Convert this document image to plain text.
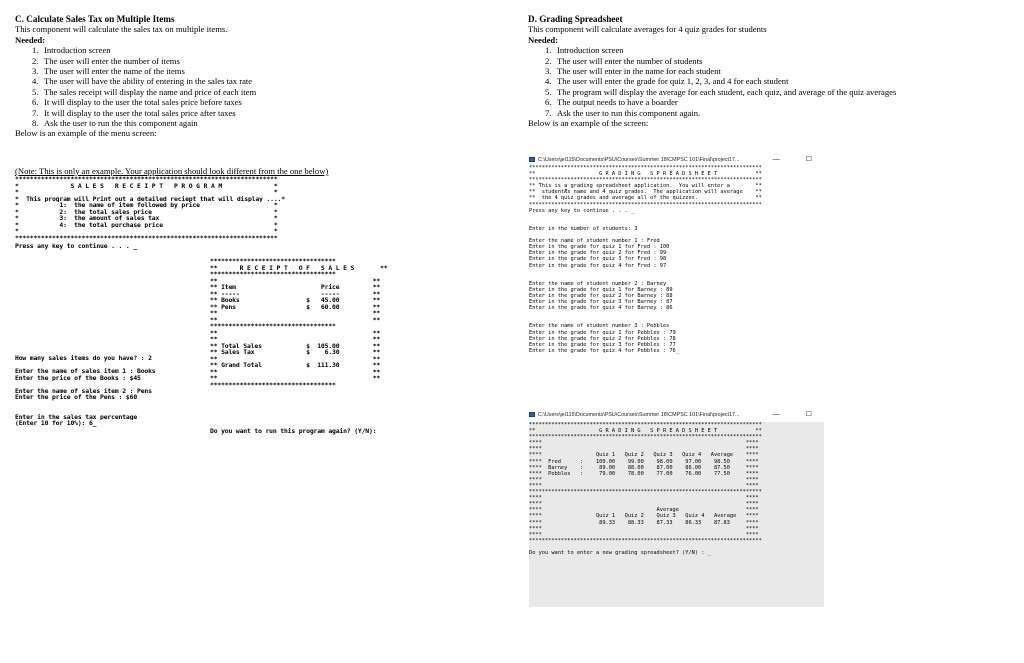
C. Calculate Sales Tax on Multiple Items
This component will calculate the sales tax on multiple items.
Needed:
1. Introduction screen
2. The user will enter the number of items
3. The user will enter the name of the items
4. The user will have the ability of entering in the sales tax rate
5. The sales receipt will display the name and price of each item
6. It will display to the user the total sales price before taxes
7. It will display to the user the total sales price after taxes
8. Ask the user to run the this component again
Below is an example of the menu screen:
(Note: This is only an example. Your application should look different from the one below)
***********************************************************************
*              S A L E S   R E C E I P T   P R O G R A M              *
*                                                                     *
*  This program will Print out a detailed reciept that will display ....*
*           1:  the name of item followed by price                    *
*           2:  the total sales price                                 *
*           3:  the amount of sales tax                               *
*           4:  the total purchase price                              *
*                                                                     *
***********************************************************************
Press any key to continue . . . _
**********************************
**      R E C E I P T   O F   S A L E S       **
**********************************
**                                          **
** Item                       Price         **
** -----                      -----         **
** Books                  $   45.00         **
** Pens                   $   60.00         **
**                                          **
**                                          **
**********************************
**                                          **
**                                          **
** Total Sales            $  105.00         **
** Sales Tax              $    6.30         **
**                                          **
** Grand Total            $  111.30         **
**                                          **
**                                          **
**********************************
How many sales items do you have? : 2

Enter the name of sales item 1 : Books
Enter the price of the Books : $45

Enter the name of sales item 2 : Pens
Enter the price of the Pens : $60

Enter in the sales tax percentage
(Enter 10 for 10%): 6_
Do you want to run this program again? (Y/N):
D. Grading Spreadsheet
This component will calculate averages for 4 quiz grades for students
Needed:
1. Introduction screen
2. The user will enter the number of students
3. The user will enter in the name for each student
4. The user will enter the grade for quiz 1, 2, 3, and 4 for each student
5. The program will display the average for each student, each quiz, and average of the quiz averages
6. The output needs to have a boarder
7. Ask the user to run this component again.
Below is an example of the screen:
C:\Users\jel115\Documents\PSU\Courses\Summer 18\CMPSC 101\Final\project17...	— ☐
*************************************************************************
**                    G R A D I N G   S P R E A D S H E E T            **
*************************************************************************
** This is a grading spreadsheet application.  You will enter a        **
**  studentÆs name and 4 quiz grades.  The application will average    **
**  the 4 quiz grades and average all of the quizzes.                  **
*************************************************************************
Press any key to continue . . . _

Enter in the number of students: 3

Enter the name of student number 1 : Fred
Enter in the grade for quiz 1 for Fred : 100
Enter in the grade for quiz 2 for Fred : 99
Enter in the grade for quiz 3 for Fred : 98
Enter in the grade for quiz 4 for Fred : 97

Enter the name of student number 2 : Barney
Enter in the grade for quiz 1 for Barney : 89
Enter in the grade for quiz 2 for Barney : 88
Enter in the grade for quiz 3 for Barney : 87
Enter in the grade for quiz 4 for Barney : 86

Enter the name of student number 3 : Pebbles
Enter in the grade for quiz 1 for Pebbles : 79
Enter in the grade for quiz 2 for Pebbles : 78
Enter in the grade for quiz 3 for Pebbles : 77
Enter in the grade for quiz 4 for Pebbles : 76_
C:\Users\jel115\Documents\PSU\Courses\Summer 18\CMPSC 101\Final\project17...	— ☐
*************************************************************************
**                    G R A D I N G   S P R E A D S H E E T            **
*************************************************************************
****                                                                ****
****                                                                ****
****                 Quiz 1   Quiz 2   Quiz 3   Quiz 4   Average    ****
****  Fred      :    100.00    99.00    98.00    97.00    98.50     ****
****  Barney    :     89.00    88.00    87.00    86.00    87.50     ****
****  Pebbles   :     79.00    78.00    77.00    76.00    77.50     ****
****                                                                ****
****                                                                ****
*************************************************************************
****                                                                ****
****                                                                ****
****                                    Average                     ****
****                 Quiz 1   Quiz 2    Quiz 3   Quiz 4   Average   ****
****                  89.33    88.33    87.33    86.33    87.83     ****
****                                                                ****
****                                                                ****
*************************************************************************

Do you want to enter a new grading spreadsheet? (Y/N) : _
